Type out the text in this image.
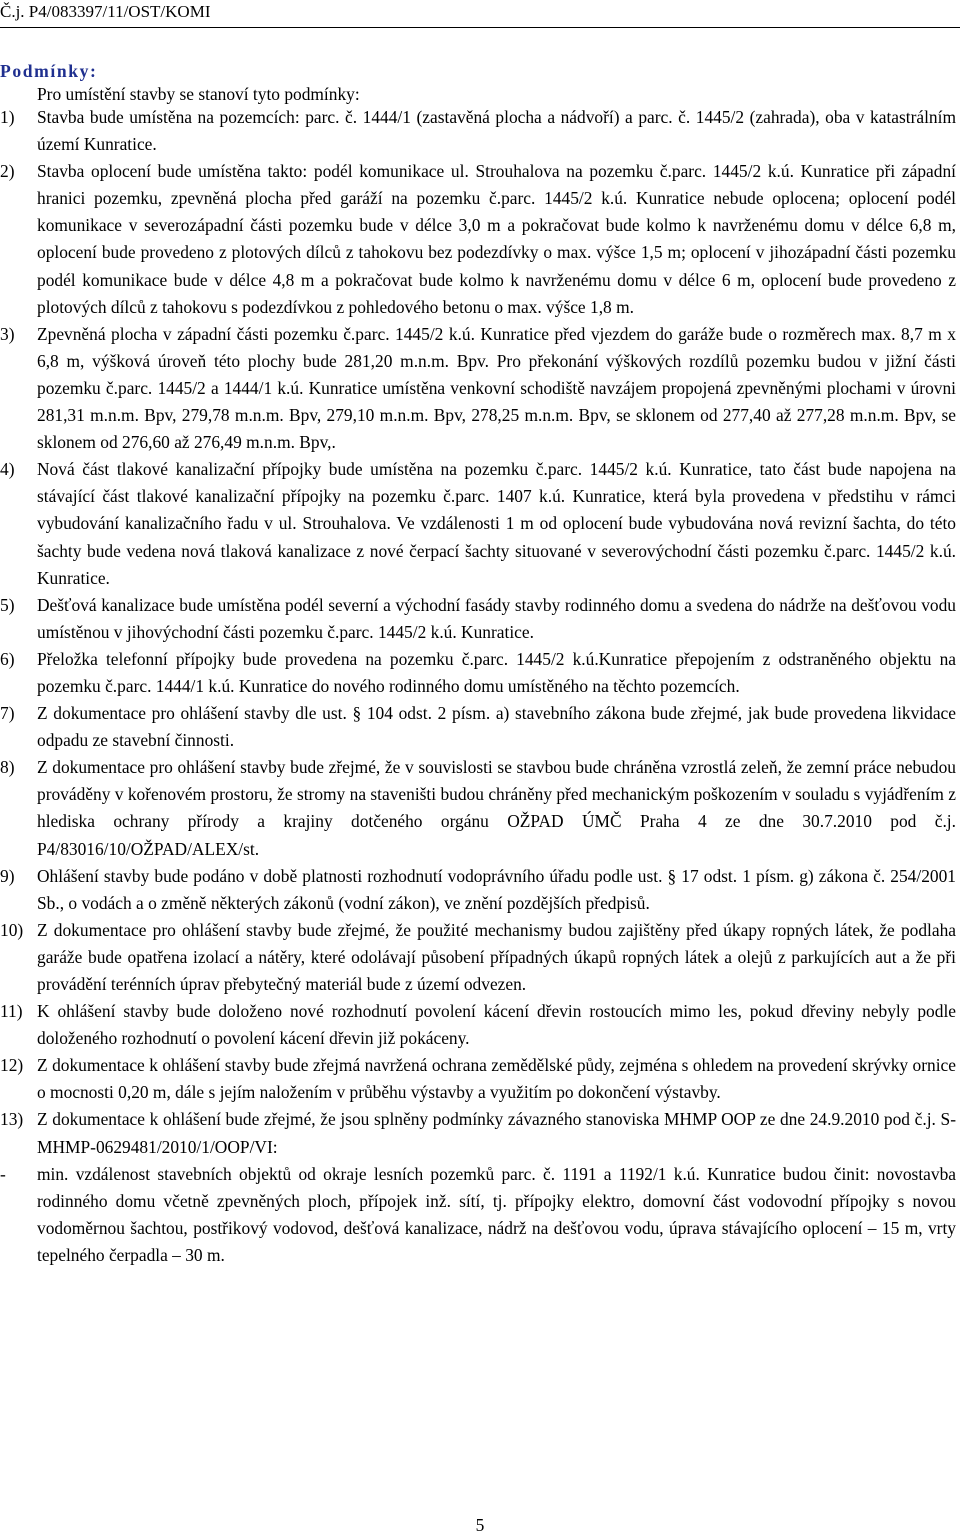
Č.j. P4/083397/11/OST/KOMI
Podmínky:
Pro umístění stavby se stanoví tyto podmínky:
1) Stavba bude umístěna na pozemcích: parc. č. 1444/1 (zastavěná plocha a nádvoří) a parc. č. 1445/2 (zahrada), oba v katastrálním území Kunratice.
2) Stavba oplocení bude umístěna takto: podél komunikace ul. Strouhalova na pozemku č.parc. 1445/2 k.ú. Kunratice při západní hranici pozemku, zpevněná plocha před garáží na pozemku č.parc. 1445/2 k.ú. Kunratice nebude oplocena; oplocení podél komunikace v severozápadní části pozemku bude v délce 3,0 m a pokračovat bude kolmo k navrženému domu v délce 6,8 m, oplocení bude provedeno z plotových dílců z tahokovu bez podezdívky o max. výšce 1,5 m; oplocení v jihozápadní části pozemku podél komunikace bude v délce 4,8 m a pokračovat bude kolmo k navrženému domu v délce 6 m, oplocení bude provedeno z plotových dílců z tahokovu s podezdívkou z pohledového betonu o max. výšce 1,8 m.
3) Zpevněná plocha v západní části pozemku č.parc. 1445/2 k.ú. Kunratice před vjezdem do garáže bude o rozměrech max. 8,7 m x 6,8 m, výšková úroveň této plochy bude 281,20 m.n.m. Bpv. Pro překonání výškových rozdílů pozemku budou v jižní části pozemku č.parc. 1445/2 a 1444/1 k.ú. Kunratice umístěna venkovní schodiště navzájem propojená zpevněnými plochami v úrovni 281,31 m.n.m. Bpv, 279,78 m.n.m. Bpv, 279,10 m.n.m. Bpv, 278,25 m.n.m. Bpv, se sklonem od 277,40 až 277,28 m.n.m. Bpv, se sklonem od 276,60 až 276,49 m.n.m. Bpv,.
4) Nová část tlakové kanalizační přípojky bude umístěna na pozemku č.parc. 1445/2 k.ú. Kunratice, tato část bude napojena na stávající část tlakové kanalizační přípojky na pozemku č.parc. 1407 k.ú. Kunratice, která byla provedena v předstihu v rámci vybudování kanalizačního řadu v ul. Strouhalova. Ve vzdálenosti 1 m od oplocení bude vybudována nová revizní šachta, do této šachty bude vedena nová tlaková kanalizace z nové čerpací šachty situované v severovýchodní části pozemku č.parc. 1445/2 k.ú. Kunratice.
5) Dešťová kanalizace bude umístěna podél severní a východní fasády stavby rodinného domu a svedena do nádrže na dešťovou vodu umístěnou v jihovýchodní části pozemku č.parc. 1445/2 k.ú. Kunratice.
6) Přeložka telefonní přípojky bude provedena na pozemku č.parc. 1445/2 k.ú.Kunratice přepojením z odstraněného objektu na pozemku č.parc. 1444/1 k.ú. Kunratice do nového rodinného domu umístěného na těchto pozemcích.
7) Z dokumentace pro ohlášení stavby dle ust. § 104 odst. 2 písm. a) stavebního zákona bude zřejmé, jak bude provedena likvidace odpadu ze stavební činnosti.
8) Z dokumentace pro ohlášení stavby bude zřejmé, že v souvislosti se stavbou bude chráněna vzrostlá zeleň, že zemní práce nebudou prováděny v kořenovém prostoru, že stromy na staveništi budou chráněny před mechanickým poškozením v souladu s vyjádřením z hlediska ochrany přírody a krajiny dotčeného orgánu OŽPAD ÚMČ Praha 4 ze dne 30.7.2010 pod č.j. P4/83016/10/OŽPAD/ALEX/st.
9) Ohlášení stavby bude podáno v době platnosti rozhodnutí vodoprávního úřadu podle ust. § 17 odst. 1 písm. g) zákona č. 254/2001 Sb., o vodách a o změně některých zákonů (vodní zákon), ve znění pozdějších předpisů.
10) Z dokumentace pro ohlášení stavby bude zřejmé, že použité mechanismy budou zajištěny před úkapy ropných látek, že podlaha garáže bude opatřena izolací a nátěry, které odolávají působení případných úkapů ropných látek a olejů z parkujících aut a že při provádění terénních úprav přebytečný materiál bude z území odvezen.
11) K ohlášení stavby bude doloženo nové rozhodnutí povolení kácení dřevin rostoucích mimo les, pokud dřeviny nebyly podle doloženého rozhodnutí o povolení kácení dřevin již pokáceny.
12) Z dokumentace k ohlášení stavby bude zřejmá navržená ochrana zemědělské půdy, zejména s ohledem na provedení skrývky ornice o mocnosti 0,20 m, dále s jejím naložením v průběhu výstavby a využitím po dokončení výstavby.
13) Z dokumentace k ohlášení bude zřejmé, že jsou splněny podmínky závazného stanoviska MHMP OOP ze dne 24.9.2010 pod č.j. S-MHMP-0629481/2010/1/OOP/VI:
- min. vzdálenost stavebních objektů od okraje lesních pozemků parc. č. 1191 a 1192/1 k.ú. Kunratice budou činit: novostavba rodinného domu včetně zpevněných ploch, přípojek inž. sítí, tj. přípojky elektro, domovní část vodovodní přípojky s novou vodoměrnou šachtou, postřikový vodovod, dešťová kanalizace, nádrž na dešťovou vodu, úprava stávajícího oplocení – 15 m, vrty tepelného čerpadla – 30 m.
5
